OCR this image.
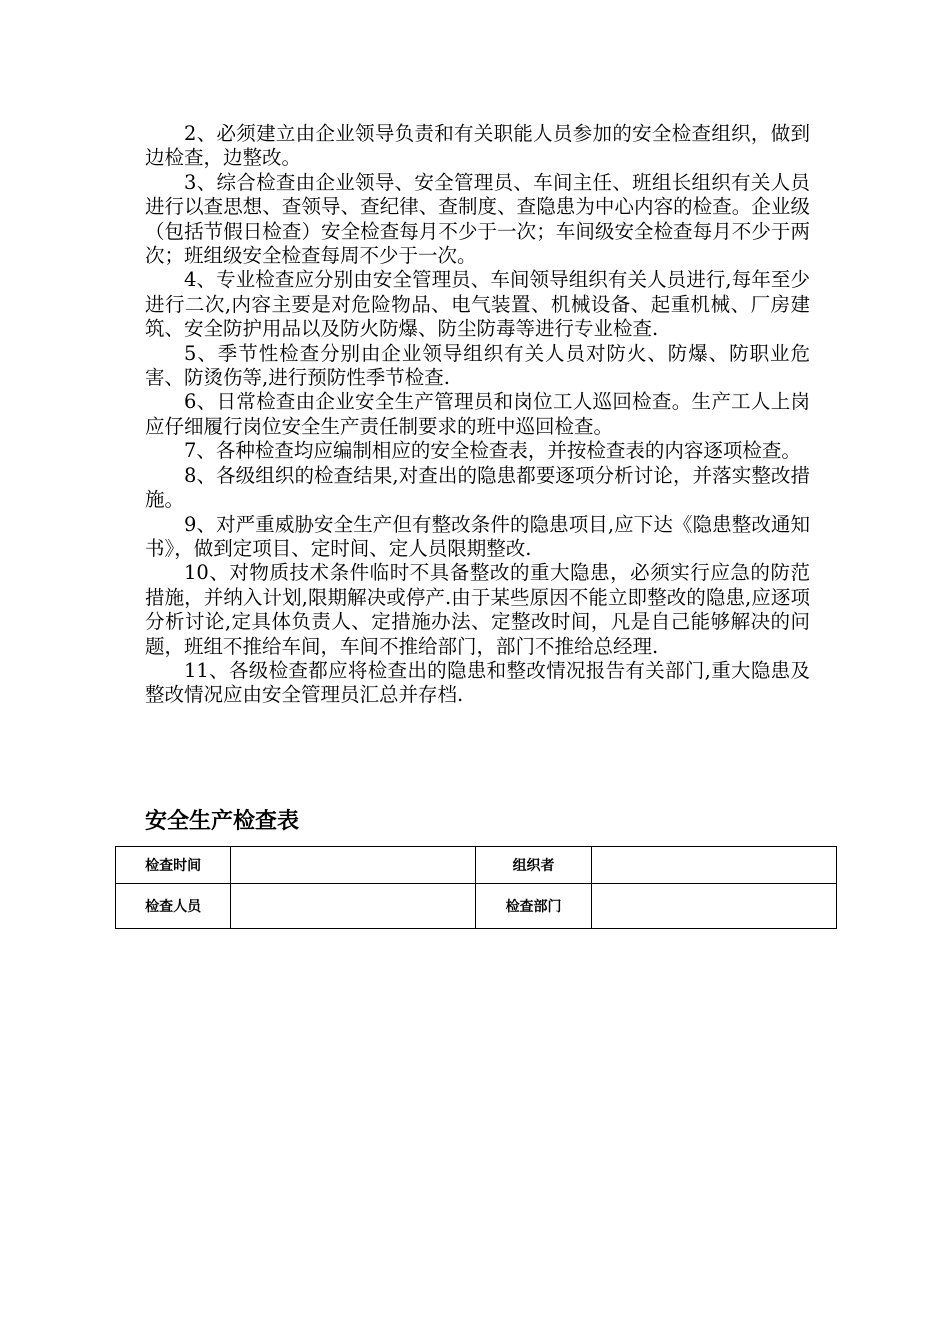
2、必须建立由企业领导负责和有关职能人员参加的安全检查组织，做到边检查，边整改。

3、综合检查由企业领导、安全管理员、车间主任、班组长组织有关人员进行以查思想、查领导、查纪律、查制度、查隐患为中心内容的检查。企业级（包括节假日检查）安全检查每月不少于一次；车间级安全检查每月不少于两次；班组级安全检查每周不少于一次。

4、专业检查应分别由安全管理员、车间领导组织有关人员进行,每年至少进行二次,内容主要是对危险物品、电气装置、机械设备、起重机械、厂房建筑、安全防护用品以及防火防爆、防尘防毒等进行专业检查.

5、季节性检查分别由企业领导组织有关人员对防火、防爆、防职业危害、防烫伤等,进行预防性季节检查.

6、日常检查由企业安全生产管理员和岗位工人巡回检查。生产工人上岗应仔细履行岗位安全生产责任制要求的班中巡回检查。

7、各种检查均应编制相应的安全检查表，并按检查表的内容逐项检查。

8、各级组织的检查结果,对查出的隐患都要逐项分析讨论，并落实整改措施。

9、对严重威胁安全生产但有整改条件的隐患项目,应下达《隐患整改通知书》，做到定项目、定时间、定人员限期整改.

10、对物质技术条件临时不具备整改的重大隐患，必须实行应急的防范措施，并纳入计划,限期解决或停产.由于某些原因不能立即整改的隐患,应逐项分析讨论,定具体负责人、定措施办法、定整改时间，凡是自己能够解决的问题，班组不推给车间，车间不推给部门，部门不推给总经理.

11、各级检查都应将检查出的隐患和整改情况报告有关部门,重大隐患及整改情况应由安全管理员汇总并存档.

安全生产检查表
检查时间		组织者	
检查人员		检查部门	
